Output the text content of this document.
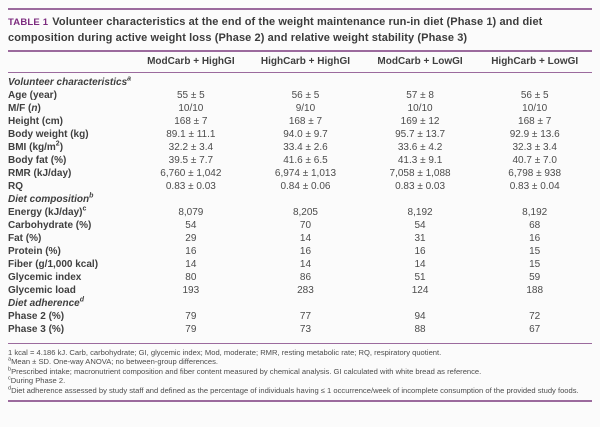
TABLE 1 Volunteer characteristics at the end of the weight maintenance run-in diet (Phase 1) and diet composition during active weight loss (Phase 2) and relative weight stability (Phase 3)
	ModCarb + HighGI	HighCarb + HighGI	ModCarb + LowGI	HighCarb + LowGI
Volunteer characteristics$^a$
Age (year)	55 ± 5	56 ± 5	57 ± 8	56 ± 5
M/F (n)	10/10	9/10	10/10	10/10
Height (cm)	168 ± 7	168 ± 7	169 ± 12	168 ± 7
Body weight (kg)	89.1 ± 11.1	94.0 ± 9.7	95.7 ± 13.7	92.9 ± 13.6
BMI $(kg/m^2)$	32.2 ± 3.4	33.4 ± 2.6	33.6 ± 4.2	32.3 ± 3.4
Body fat (%)	39.5 ± 7.7	41.6 ± 6.5	41.3 ± 9.1	40.7 ± 7.0
RMR (kJ/day)	6,760 ± 1,042	6,974 ± 1,013	7,058 ± 1,088	6,798 ± 938
RQ	0.83 ± 0.03	0.84 ± 0.06	0.83 ± 0.03	0.83 ± 0.04
Diet composition$^b$
Energy $(kJ/day)^c$	8,079	8,205	8,192	8,192
Carbohydrate (%)	54	70	54	68
Fat (%)	29	14	31	16
Protein (%)	16	16	16	15
Fiber (g/1,000 kcal)	14	14	14	15
Glycemic index	80	86	51	59
Glycemic load	193	283	124	188
Diet adherence$^d$
Phase 2 (%)	79	77	94	72
Phase 3 (%)	79	73	88	67
1 kcal = 4.186 kJ. Carb, carbohydrate; GI, glycemic index; Mod, moderate; RMR, resting metabolic rate; RQ, respiratory quotient.
$^a$Mean ± SD. One-way ANOVA; no between-group differences.
$^b$Prescribed intake; macronutrient composition and fiber content measured by chemical analysis. GI calculated with white bread as reference.
$^c$During Phase 2.
$^d$Diet adherence assessed by study staff and defined as the percentage of individuals having ≤ 1 occurrence/week of incomplete consumption of the provided study foods.
